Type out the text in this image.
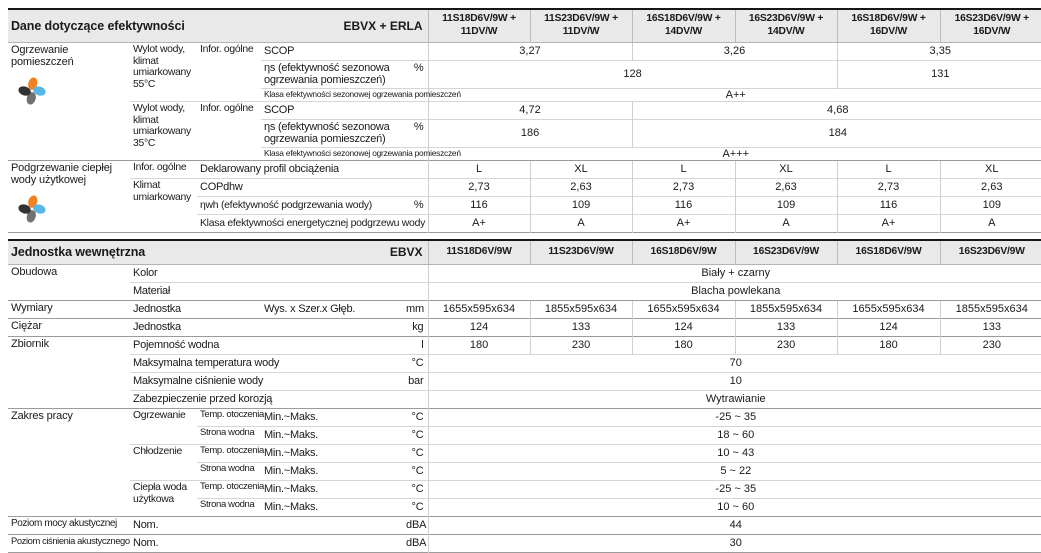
Dane dotyczące efektywności			EBVX + ERLA		11S18D6V/9W + 11DV/W	11S23D6V/9W + 11DV/W	16S18D6V/9W + 14DV/W	16S23D6V/9W + 14DV/W	16S18D6V/9W + 16DV/W	16S23D6V/9W + 16DV/W
Ogrzewanie pomieszczeń	Wylot wody, klimat umiarkowany 55°C	Infor. ogólne	SCOP		3,27		3,26		3,35	
			ηs (efektywność sezonowa ogrzewania pomieszczeń)	%	128				131	
			Klasa efektywności sezonowej ogrzewania pomieszczeń		A++					
	Wylot wody, klimat umiarkowany 35°C	Infor. ogólne	SCOP		4,72		4,68			
			ηs (efektywność sezonowa ogrzewania pomieszczeń)	%	186		184			
			Klasa efektywności sezonowej ogrzewania pomieszczeń		A+++					
Podgrzewanie ciepłej wody użytkowej	Infor. ogólne	Deklarowany profil obciążenia			L	XL	L	XL	L	XL
	Klimat umiarkowany	COPdhw			2,73	2,63	2,73	2,63	2,73	2,63
		ηwh (efektywność podgrzewania wody)		%	116	109	116	109	116	109
		Klasa efektywności energetycznej podgrzewu wody			A+	A	A+	A	A+	A
Jednostka wewnętrzna			EBVX		11S18D6V/9W	11S23D6V/9W	16S18D6V/9W	16S23D6V/9W	16S18D6V/9W	16S23D6V/9W
Obudowa	Kolor				Biały + czarny					
	Materiał				Blacha powlekana					
Wymiary	Jednostka		Wys. x Szer.x Głęb.	mm	1655x595x634	1855x595x634	1655x595x634	1855x595x634	1655x595x634	1855x595x634
Ciężar	Jednostka			kg	124	133	124	133	124	133
Zbiornik	Pojemność wodna			l	180	230	180	230	180	230
	Maksymalna temperatura wody			°C	70					
	Maksymalne ciśnienie wody			bar	10					
	Zabezpieczenie przed korozją				Wytrawianie					
Zakres pracy	Ogrzewanie	Temp. otoczenia	Min.~Maks.	°C	-25 ~ 35					
		Strona wodna	Min.~Maks.	°C	18 ~ 60					
	Chłodzenie	Temp. otoczenia	Min.~Maks.	°C	10 ~ 43					
		Strona wodna	Min.~Maks.	°C	5 ~ 22					
	Ciepła woda użytkowa	Temp. otoczenia	Min.~Maks.	°C	-25 ~ 35					
		Strona wodna	Min.~Maks.	°C	10 ~ 60					
Poziom mocy akustycznej	Nom.			dBA	44					
Poziom ciśnienia akustycznego	Nom.			dBA	30					
